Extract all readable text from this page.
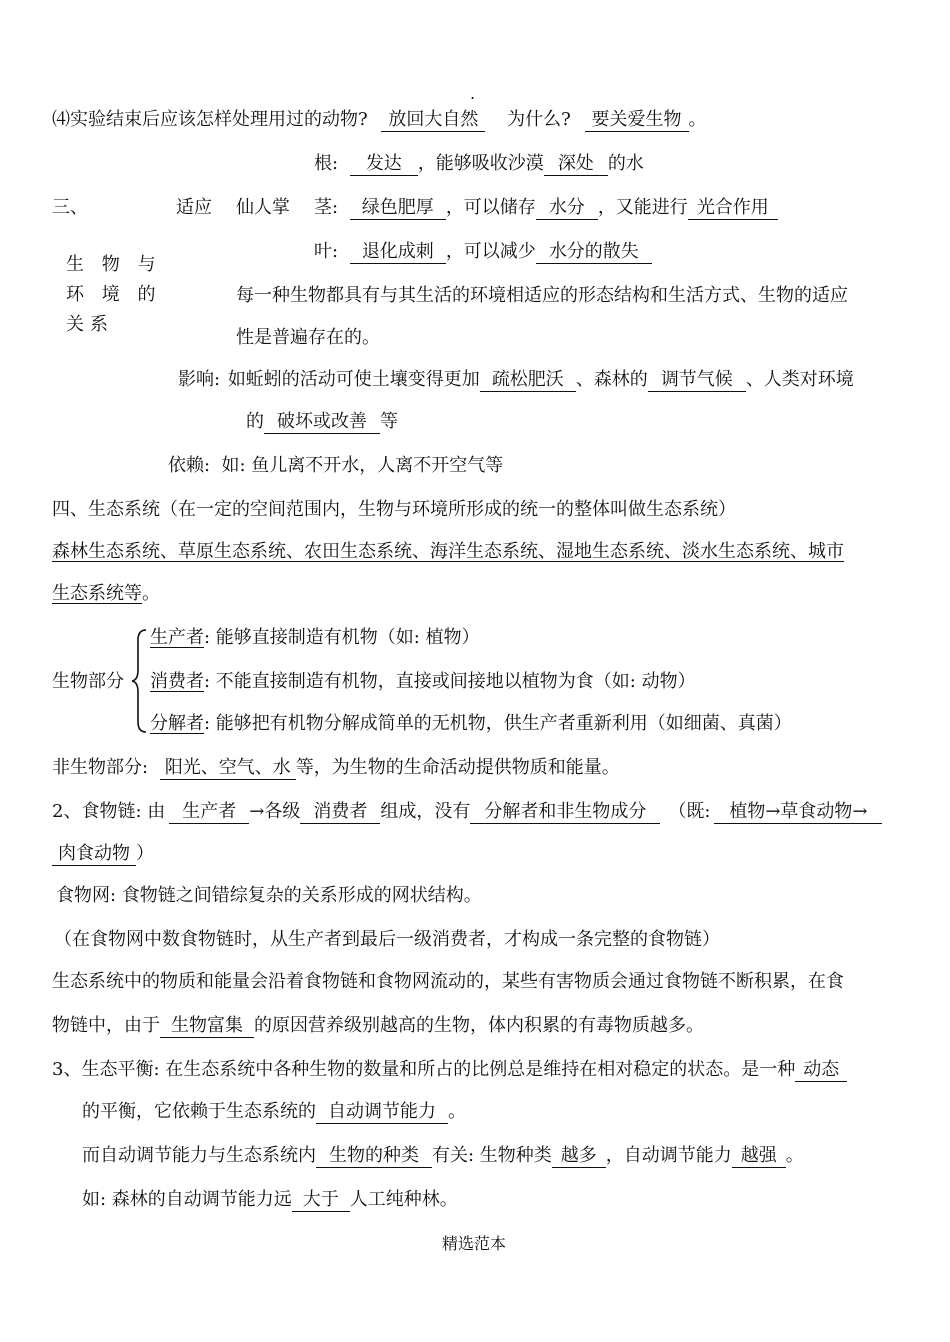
.
⑷实验结束后应该怎样处理用过的动物? 放回大自然 为什么? 要关爱生物 。
根: 发达 ，能够吸收沙漠 深处 的水
三、	适应 仙人掌 茎: 绿色肥厚 ，可以储存 水分 ，又能进行 光合作用
叶: 退化成刺 ，可以减少 水分的散失
生 物 与
环 境 的
关系
每一种生物都具有与其生活的环境相适应的形态结构和生活方式、生物的适应
性是普遍存在的。
影响: 如蚯蚓的活动可使土壤变得更加 疏松肥沃 、森林的 调节气候 、人类对环境
的 破坏或改善 等
依赖:  如: 鱼儿离不开水，人离不开空气等
四、生态系统（在一定的空间范围内，生物与环境所形成的统一的整体叫做生态系统）
森林生态系统、草原生态系统、农田生态系统、海洋生态系统、湿地生态系统、淡水生态系统、城市
生态系统等。
生物部分
生产者: 能够直接制造有机物（如: 植物）
消费者: 不能直接制造有机物，直接或间接地以植物为食（如: 动物）
分解者: 能够把有机物分解成简单的无机物，供生产者重新利用（如细菌、真菌）
非生物部分: 阳光、空气、水 等，为生物的生命活动提供物质和能量。
2、食物链: 由 生产者 →各级 消费者 组成，没有 分解者和非生物成分 （既: 植物→草食动物→
肉食动物 ）
食物网: 食物链之间错综复杂的关系形成的网状结构。
（在食物网中数食物链时，从生产者到最后一级消费者，才构成一条完整的食物链）
生态系统中的物质和能量会沿着食物链和食物网流动的，某些有害物质会通过食物链不断积累，在食
物链中，由于 生物富集 的原因营养级别越高的生物，体内积累的有毒物质越多。
3、生态平衡: 在生态系统中各种生物的数量和所占的比例总是维持在相对稳定的状态。是一种 动态
的平衡，它依赖于生态系统的 自动调节能力 。
而自动调节能力与生态系统内 生物的种类 有关: 生物种类 越多 ，自动调节能力 越强 。
如: 森林的自动调节能力远 大于 人工纯种林。
精选范本
